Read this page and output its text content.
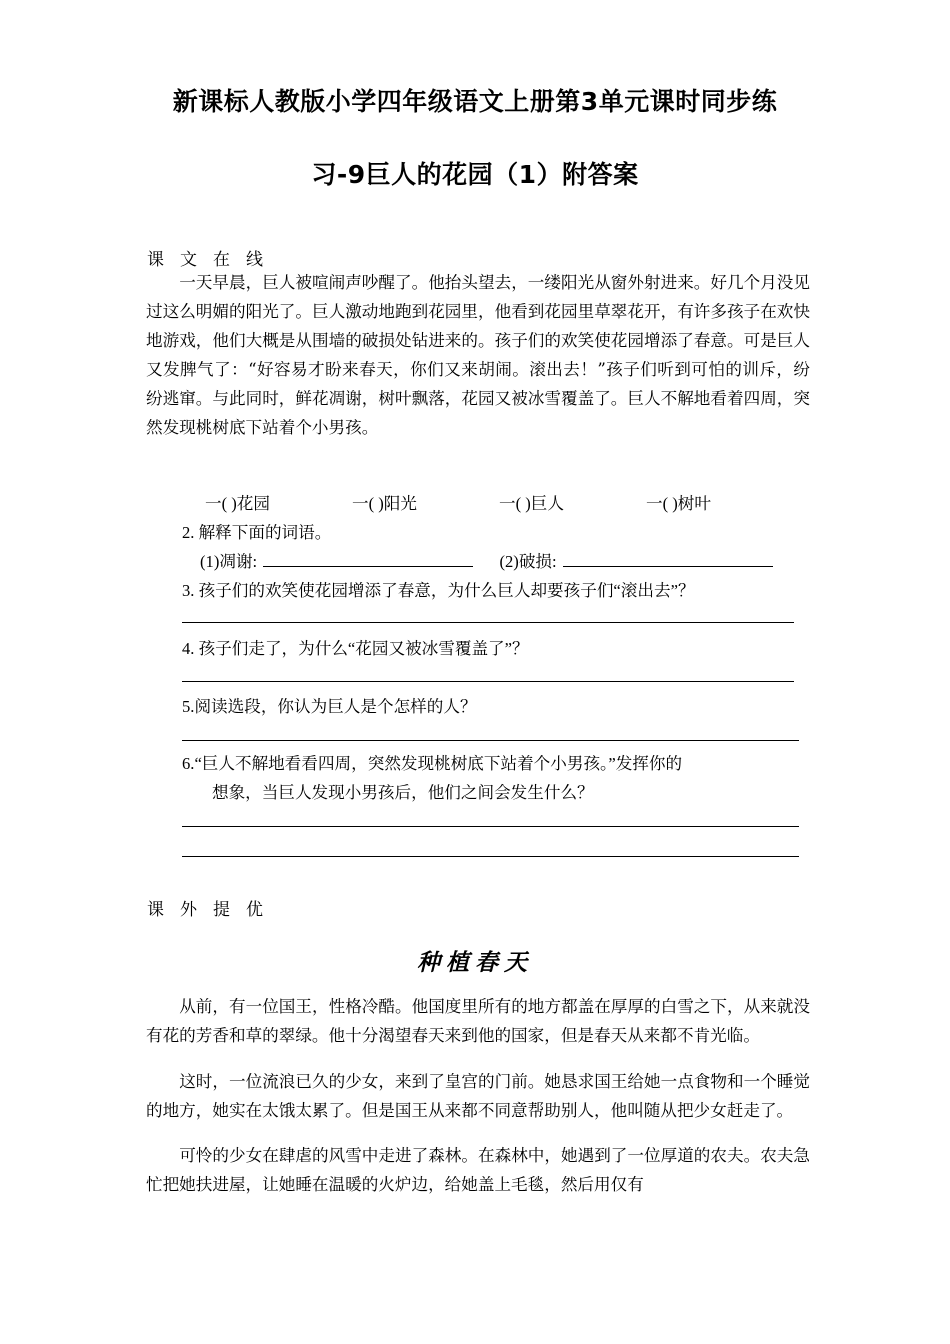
新课标人教版小学四年级语文上册第3单元课时同步练
习-9巨人的花园（1）附答案
课文在线

一天早晨，巨人被喧闹声吵醒了。他抬头望去，一缕阳光从窗外射进来。好几个月没见过这么明媚的阳光了。巨人激动地跑到花园里，他看到花园里草翠花开，有许多孩子在欢快地游戏，他们大概是从围墙的破损处钻进来的。孩子们的欢笑使花园增添了春意。可是巨人又发脾气了：“好容易才盼来春天，你们又来胡闹。滚出去！”孩子们听到可怕的训斥，纷纷逃窜。与此同时，鲜花凋谢，树叶飘落，花园又被冰雪覆盖了。巨人不解地看着四周，突然发现桃树底下站着个小男孩。

一( )花园	一( )阳光	一( )巨人	一( )树叶
2. 解释下面的词语。
(1)凋谢:	(2)破损:
3. 孩子们的欢笑使花园增添了春意，为什么巨人却要孩子们“滚出去”？
4. 孩子们走了，为什么“花园又被冰雪覆盖了”？
5.阅读选段，你认为巨人是个怎样的人？
6.“巨人不解地看看四周，突然发现桃树底下站着个小男孩。”发挥你的
想象，当巨人发现小男孩后，他们之间会发生什么？
课外提优
种植春天

从前，有一位国王，性格冷酷。他国度里所有的地方都盖在厚厚的白雪之下，从来就没有花的芳香和草的翠绿。他十分渴望春天来到他的国家，但是春天从来都不肯光临。

这时，一位流浪已久的少女，来到了皇宫的门前。她恳求国王给她一点食物和一个睡觉的地方，她实在太饿太累了。但是国王从来都不同意帮助别人，他叫随从把少女赶走了。

可怜的少女在肆虐的风雪中走进了森林。在森林中，她遇到了一位厚道的农夫。农夫急忙把她扶进屋，让她睡在温暖的火炉边，给她盖上毛毯，然后用仅有
